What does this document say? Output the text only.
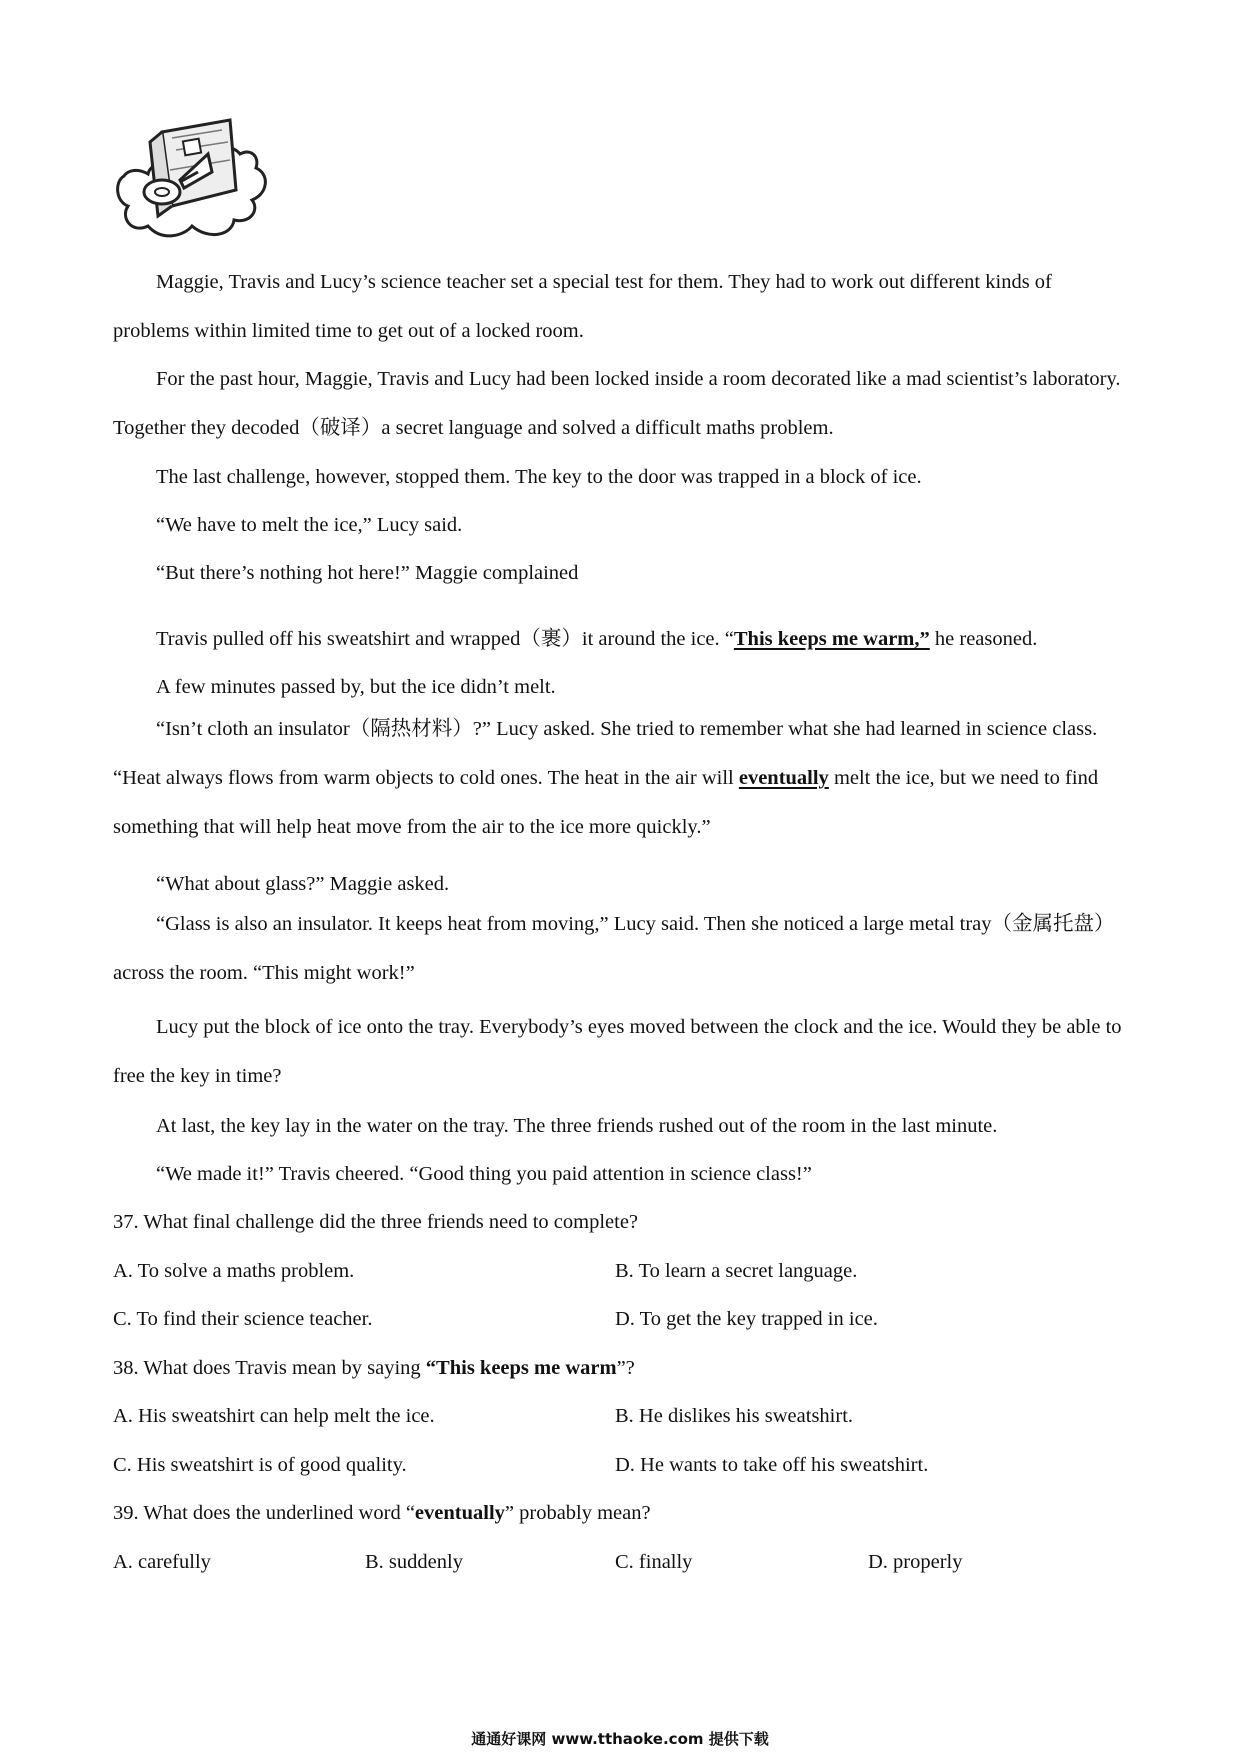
Maggie, Travis and Lucy’s science teacher set a special test for them. They had to work out different kinds of problems within limited time to get out of a locked room.

For the past hour, Maggie, Travis and Lucy had been locked inside a room decorated like a mad scientist’s laboratory. Together they decoded（破译）a secret language and solved a difficult maths problem.

The last challenge, however, stopped them. The key to the door was trapped in a block of ice.

“We have to melt the ice,” Lucy said.

“But there’s nothing hot here!” Maggie complained

Travis pulled off his sweatshirt and wrapped（裹）it around the ice. “This keeps me warm,” he reasoned.

A few minutes passed by, but the ice didn’t melt.

“Isn’t cloth an insulator（隔热材料）?” Lucy asked. She tried to remember what she had learned in science class. “Heat always flows from warm objects to cold ones. The heat in the air will eventually melt the ice, but we need to find something that will help heat move from the air to the ice more quickly.”

“What about glass?” Maggie asked.

“Glass is also an insulator. It keeps heat from moving,” Lucy said. Then she noticed a large metal tray（金属托盘）across the room. “This might work!”

Lucy put the block of ice onto the tray. Everybody’s eyes moved between the clock and the ice. Would they be able to free the key in time?

At last, the key lay in the water on the tray. The three friends rushed out of the room in the last minute.

“We made it!” Travis cheered. “Good thing you paid attention in science class!”

37. What final challenge did the three friends need to complete?

A. To solve a maths problem.	B. To learn a secret language.
C. To find their science teacher.	D. To get the key trapped in ice.

38. What does Travis mean by saying “This keeps me warm”?

A. His sweatshirt can help melt the ice.	B. He dislikes his sweatshirt.
C. His sweatshirt is of good quality.	D. He wants to take off his sweatshirt.

39. What does the underlined word “eventually” probably mean?

A. carefully	B. suddenly	C. finally	D. properly
通通好课网 www.tthaoke.com 提供下载
